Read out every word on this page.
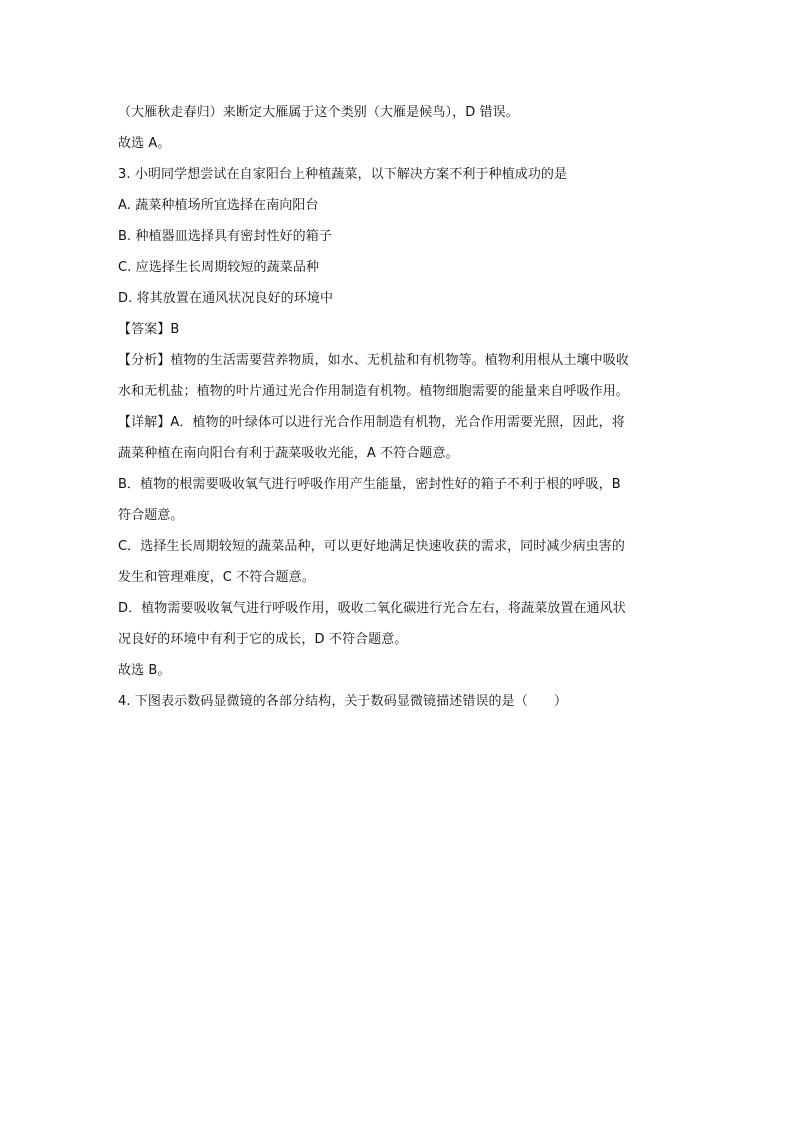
（大雁秋走春归）来断定大雁属于这个类别（大雁是候鸟），D 错误。
故选 A。
3. 小明同学想尝试在自家阳台上种植蔬菜，以下解决方案不利于种植成功的是
A. 蔬菜种植场所宜选择在南向阳台
B. 种植器皿选择具有密封性好的箱子
C. 应选择生长周期较短的蔬菜品种
D. 将其放置在通风状况良好的环境中
【答案】B
【分析】植物的生活需要营养物质，如水、无机盐和有机物等。植物利用根从土壤中吸收
水和无机盐；植物的叶片通过光合作用制造有机物。植物细胞需要的能量来自呼吸作用。
【详解】A．植物的叶绿体可以进行光合作用制造有机物，光合作用需要光照，因此，将
蔬菜种植在南向阳台有利于蔬菜吸收光能，A 不符合题意。
B．植物的根需要吸收氧气进行呼吸作用产生能量，密封性好的箱子不利于根的呼吸，B
符合题意。
C．选择生长周期较短的蔬菜品种，可以更好地满足快速收获的需求，同时减少病虫害的
发生和管理难度，C 不符合题意。
D．植物需要吸收氧气进行呼吸作用，吸收二氧化碳进行光合左右，将蔬菜放置在通风状
况良好的环境中有利于它的成长，D 不符合题意。
故选 B。
4. 下图表示数码显微镜的各部分结构，关于数码显微镜描述错误的是（　　）
